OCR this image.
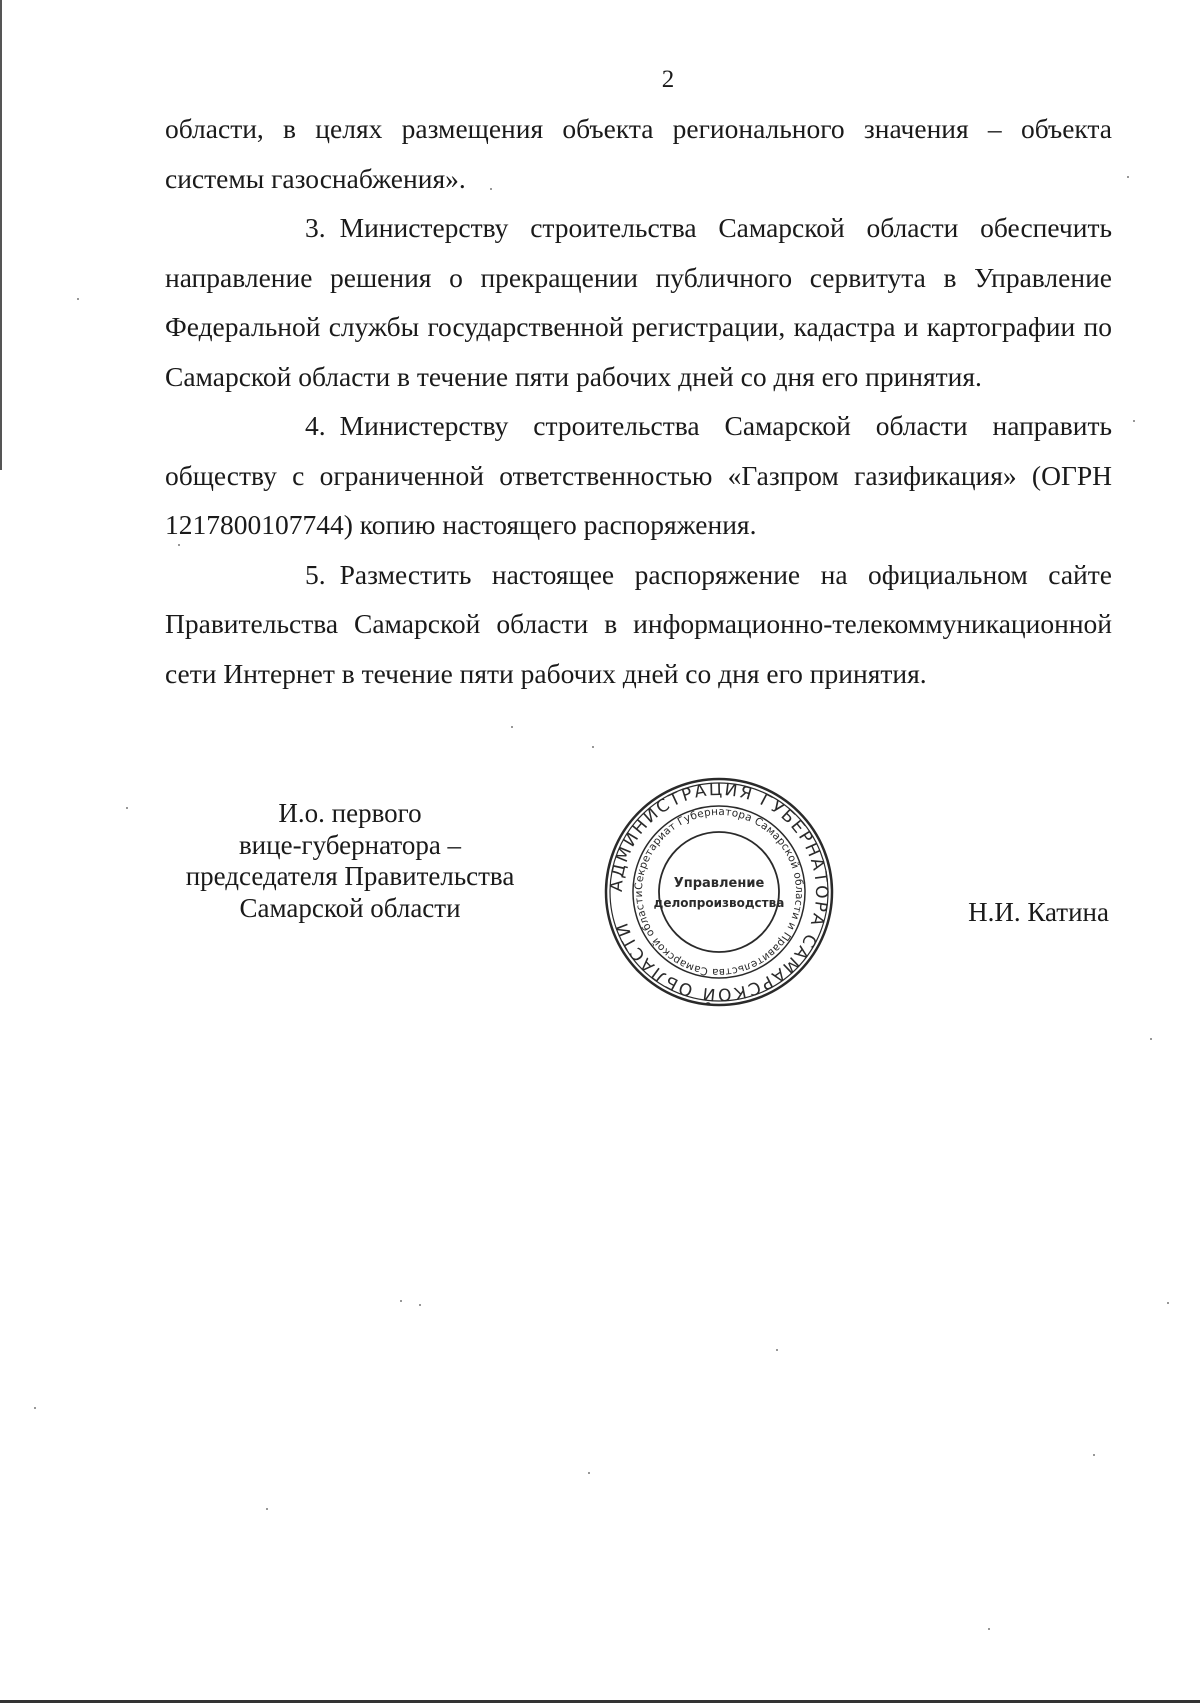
2

области, в целях размещения объекта регионального значения – объекта системы газоснабжения».

3. Министерству строительства Самарской области обеспечить направление решения о прекращении публичного сервитута в Управление Федеральной службы государственной регистрации, кадастра и картографии по Самарской области в течение пяти рабочих дней со дня его принятия.

4. Министерству строительства Самарской области направить обществу с ограниченной ответственностью «Газпром газификация» (ОГРН 1217800107744) копию настоящего распоряжения.

5. Разместить настоящее распоряжение на официальном сайте Правительства Самарской области в информационно-телекоммуникационной сети Интернет в течение пяти рабочих дней со дня его принятия.

И.о. первого
вице-губернатора –
председателя Правительства
Самарской области
АДМИНИСТРАЦИЯ ГУБЕРНАТОРА САМАРСКОЙ ОБЛАСТИ
Секретариат Губернатора Самарской области и Правительства Самарской области
Управление
делопроизводства	Н.И. Катина
